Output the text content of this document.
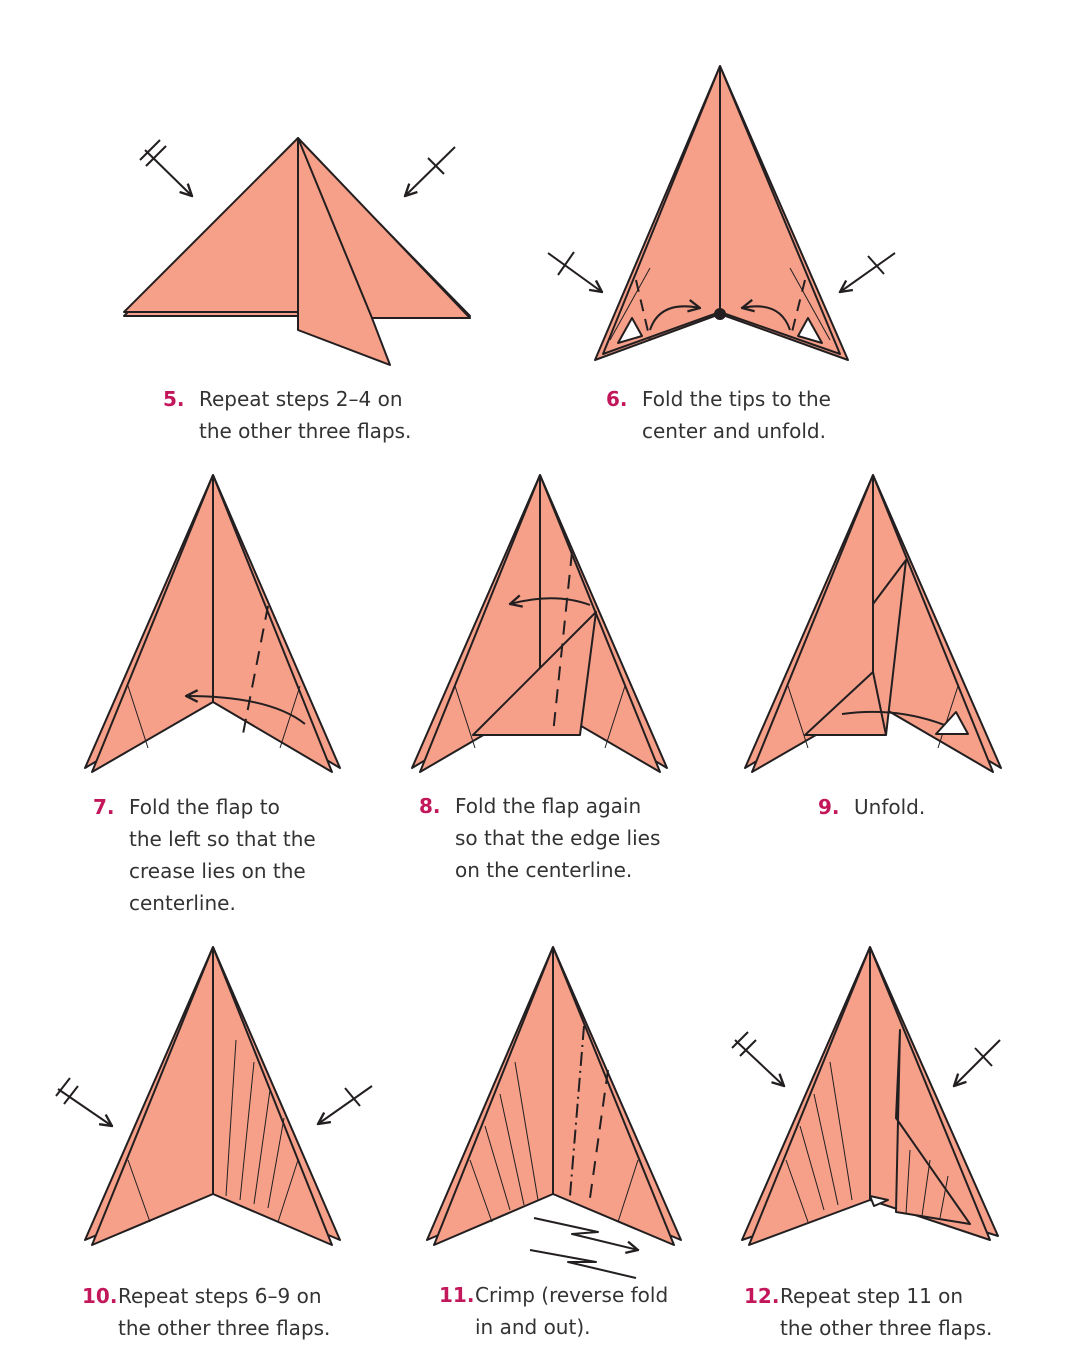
5. Repeat steps 2–4 on
the other three flaps.
6. Fold the tips to the
center and unfold.
7. Fold the flap to
the left so that the
crease lies on the
centerline.
8. Fold the flap again
so that the edge lies
on the centerline.
9. Unfold.
10. Repeat steps 6–9 on
the other three flaps.
11. Crimp (reverse fold
in and out).
12. Repeat step 11 on
the other three flaps.
